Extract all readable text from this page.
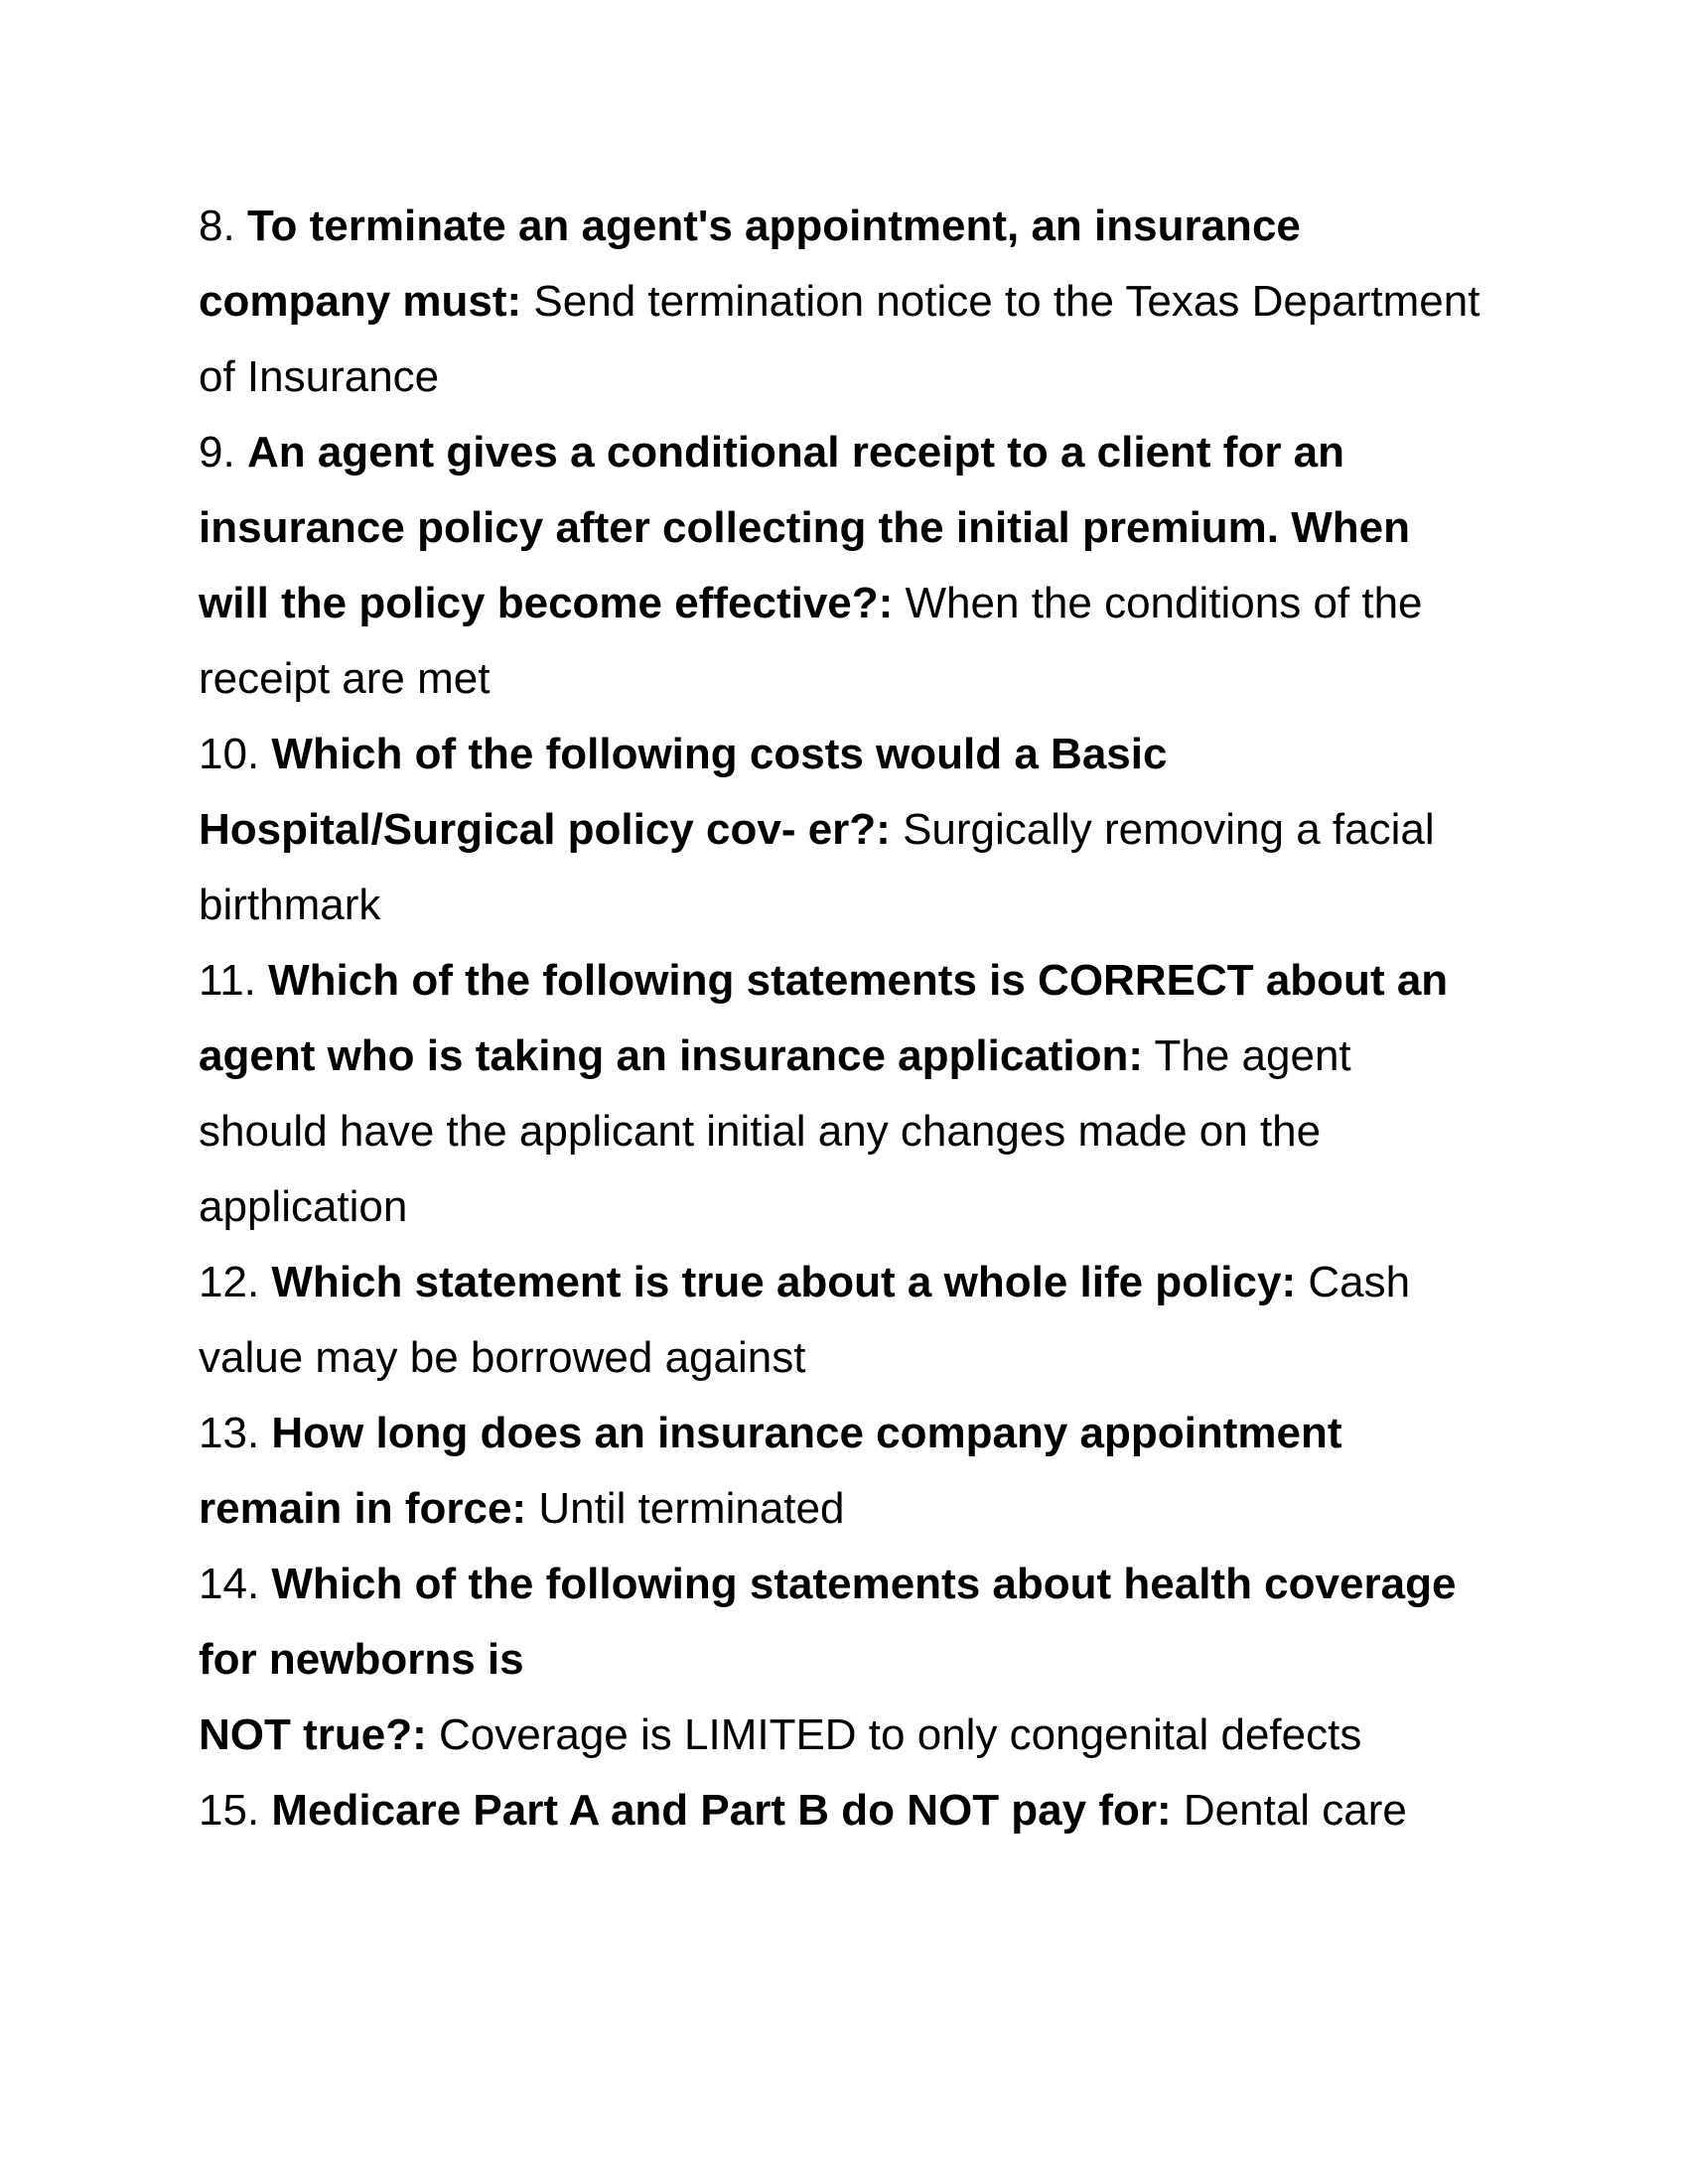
8. To terminate an agent's appointment, an insurance company must: Send termination notice to the Texas Department of Insurance

9. An agent gives a conditional receipt to a client for an insurance policy after collecting the initial premium. When will the policy become effective?: When the conditions of the receipt are met

10. Which of the following costs would a Basic Hospital/Surgical policy cov- er?: Surgically removing a facial birthmark

11. Which of the following statements is CORRECT about an agent who is taking an insurance application: The agent should have the applicant initial any changes made on the application

12. Which statement is true about a whole life policy: Cash value may be borrowed against

13. How long does an insurance company appointment remain in force: Until terminated

14. Which of the following statements about health coverage for newborns is
NOT true?: Coverage is LIMITED to only congenital defects

15. Medicare Part A and Part B do NOT pay for: Dental care
